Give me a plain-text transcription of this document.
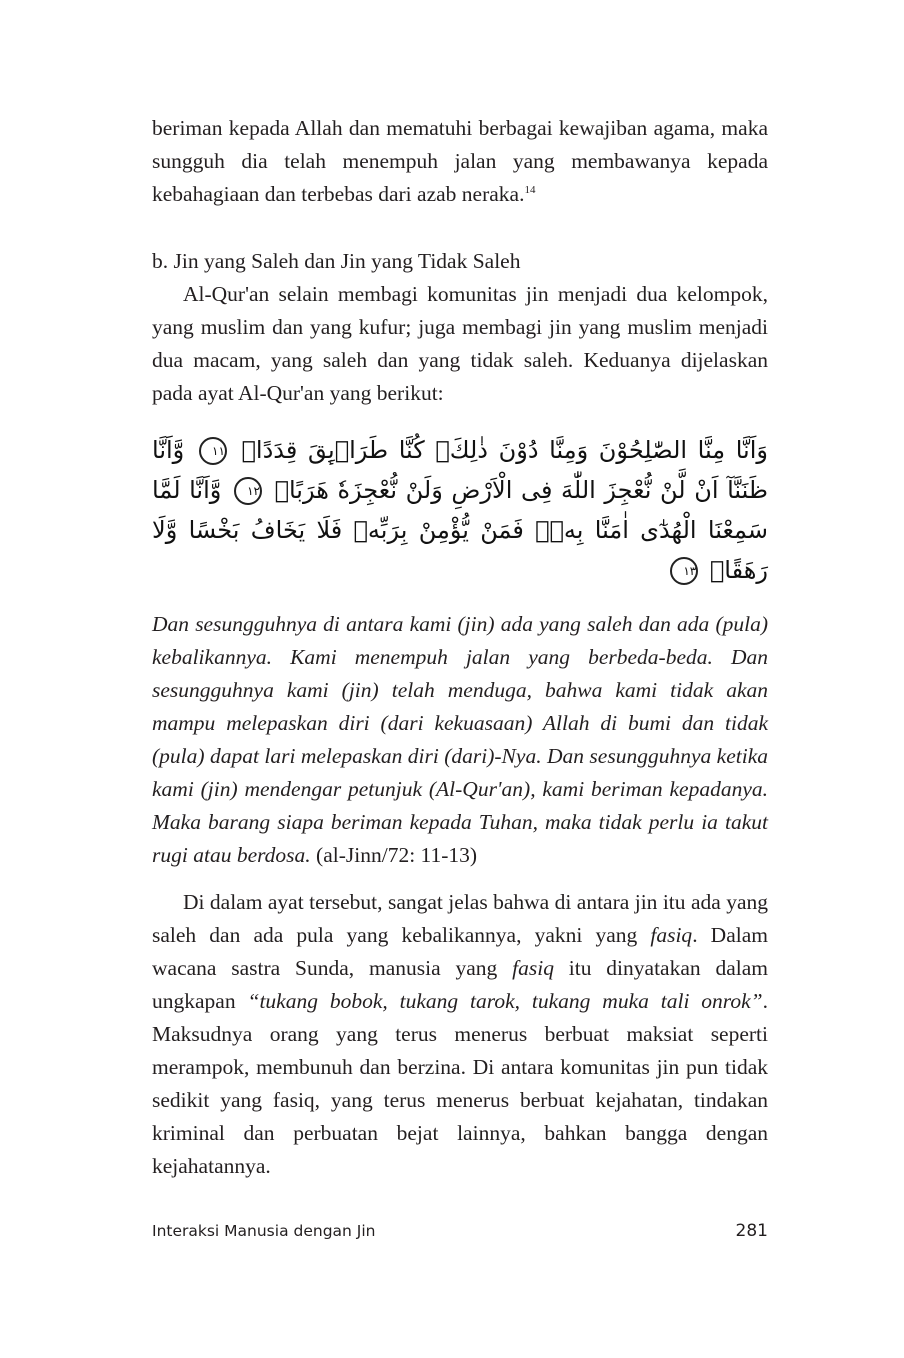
beriman kepada Allah dan mematuhi berbagai kewajiban agama, maka sungguh dia telah menempuh jalan yang membawanya kepada kebahagiaan dan terbebas dari azab neraka.$^{14}$

b. Jin yang Saleh dan Jin yang Tidak Saleh

Al-Qur'an selain membagi komunitas jin menjadi dua kelompok, yang muslim dan yang kufur; juga membagi jin yang muslim menjadi dua macam, yang saleh dan yang tidak saleh. Keduanya dijelaskan pada ayat Al-Qur'an yang berikut:

وَاَنَّا مِنَّا الصّٰلِحُوْنَ وَمِنَّا دُوْنَ ذٰلِكَۗ كُنَّا طَرَاۤىِٕقَ قِدَدًاۙ ١١ وَّاَنَّا ظَنَنَّآ اَنْ لَّنْ نُّعْجِزَ اللّٰهَ فِى الْاَرْضِ وَلَنْ نُّعْجِزَهٗ هَرَبًاۖ ١٢ وَّاَنَّا لَمَّا سَمِعْنَا الْهُدٰٓى اٰمَنَّا بِهٖۗ فَمَنْ يُّؤْمِنْ بِرَبِّهٖ فَلَا يَخَافُ بَخْسًا وَّلَا رَهَقًاۖ ١٣

Dan sesungguhnya di antara kami (jin) ada yang saleh dan ada (pula) kebalikannya. Kami menempuh jalan yang berbeda-beda. Dan sesungguhnya kami (jin) telah menduga, bahwa kami tidak akan mampu melepaskan diri (dari kekuasaan) Allah di bumi dan tidak (pula) dapat lari melepaskan diri (dari)-Nya. Dan sesungguhnya ketika kami (jin) mendengar petunjuk (Al-Qur'an), kami beriman kepadanya. Maka barang siapa beriman kepada Tuhan, maka tidak perlu ia takut rugi atau berdosa. (al-Jinn/72: 11-13)

Di dalam ayat tersebut, sangat jelas bahwa di antara jin itu ada yang saleh dan ada pula yang kebalikannya, yakni yang fasiq. Dalam wacana sastra Sunda, manusia yang fasiq itu dinyatakan dalam ungkapan “tukang bobok, tukang tarok, tukang muka tali onrok”. Maksudnya orang yang terus menerus berbuat maksiat seperti merampok, membunuh dan berzina. Di antara komunitas jin pun tidak sedikit yang fasiq, yang terus menerus berbuat kejahatan, tindakan kriminal dan perbuatan bejat lainnya, bahkan bangga dengan kejahatannya.

Interaksi Manusia dengan Jin	281
